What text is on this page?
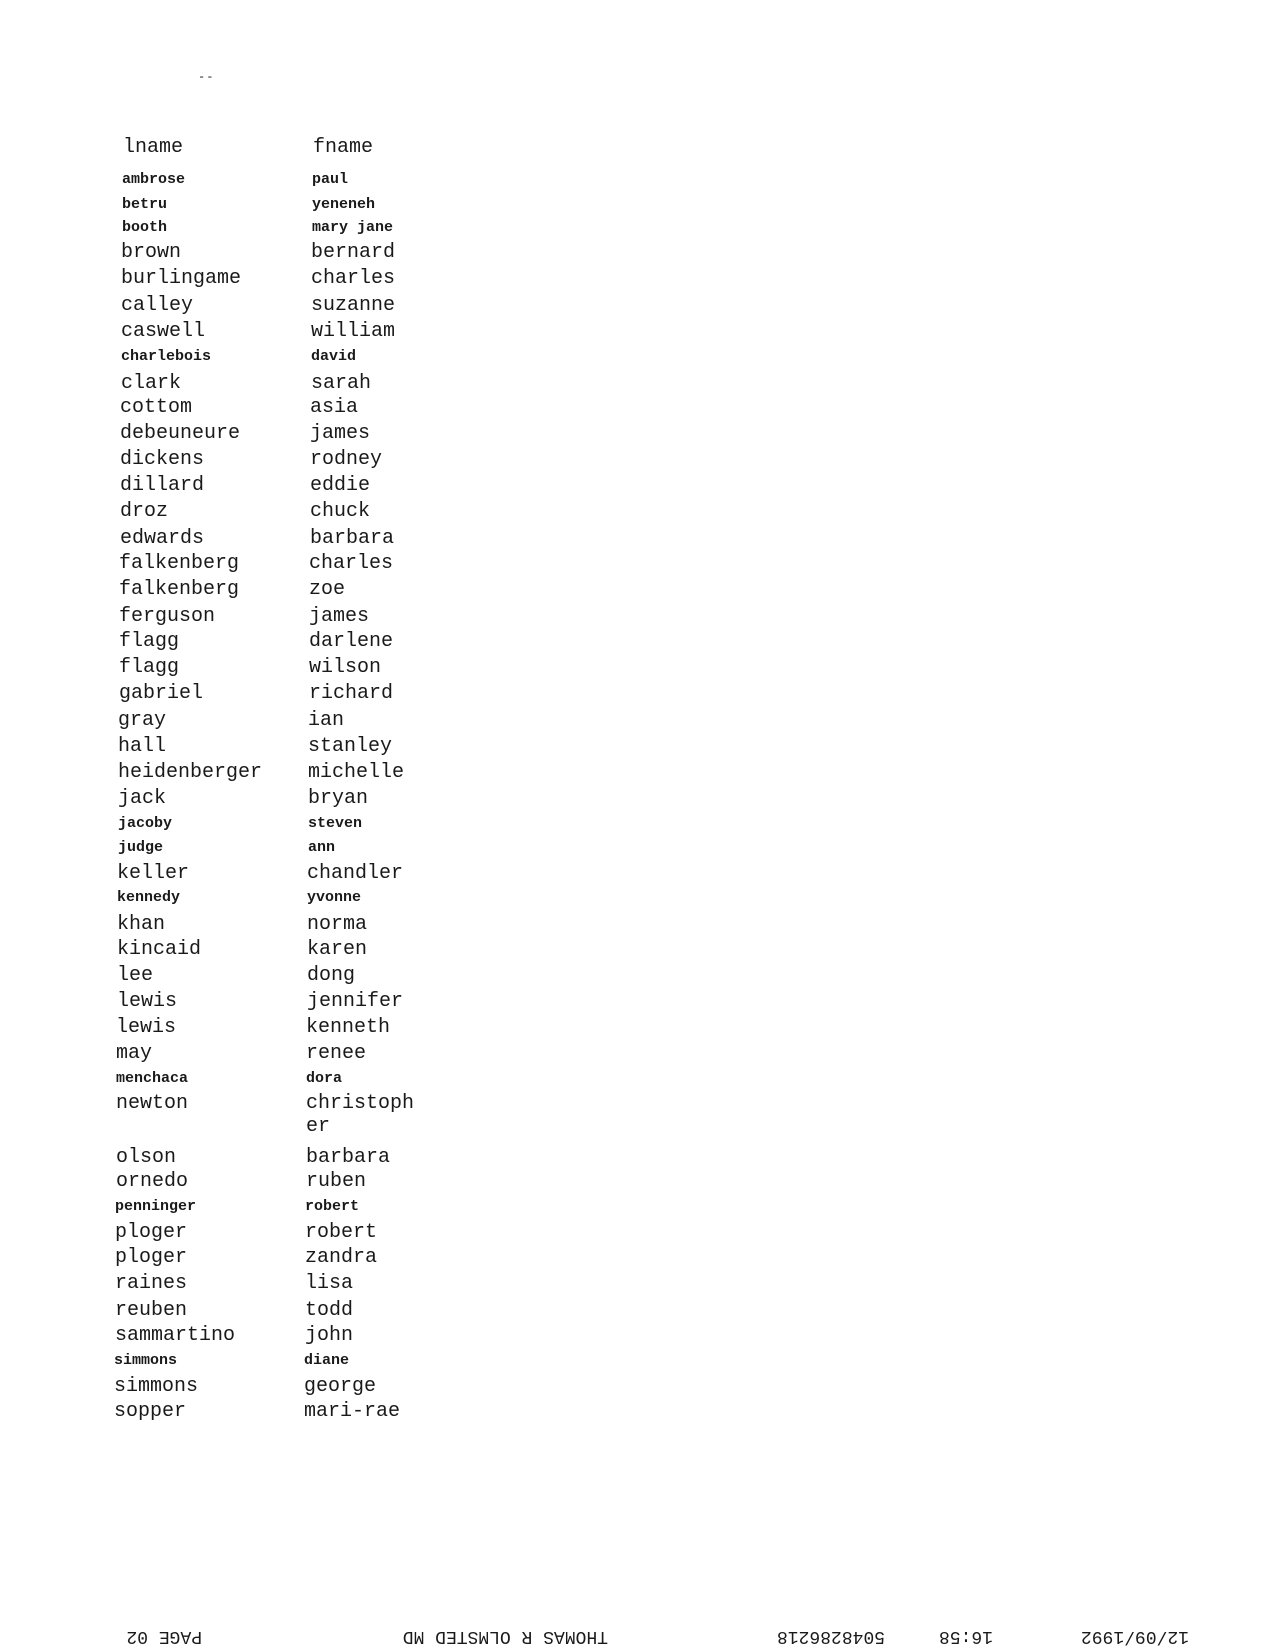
--
lname	fname
ambrose	paul
betru	yeneneh
booth	mary jane
brown	bernard
burlingame	charles
calley	suzanne
caswell	william
charlebois	david
clark	sarah
cottom	asia
debeuneure	james
dickens	rodney
dillard	eddie
droz	chuck
edwards	barbara
falkenberg	charles
falkenberg	zoe
ferguson	james
flagg	darlene
flagg	wilson
gabriel	richard
gray	ian
hall	stanley
heidenberger michelle
jack	bryan
jacoby	steven
judge	ann
keller	chandler
kennedy	yvonne
khan	norma
kincaid	karen
lee	dong
lewis	jennifer
lewis	kenneth
may	renee
menchaca	dora
newton	christoph
er
olson	barbara
ornedo	ruben
penninger	robert
ploger	robert
ploger	zandra
raines	lisa
reuben	todd
sammartino	john
simmons	diane
simmons	george
sopper	mari-rae
12/09/1992
16:58
5048286218
THOMAS R OLMSTED MD
PAGE 02
